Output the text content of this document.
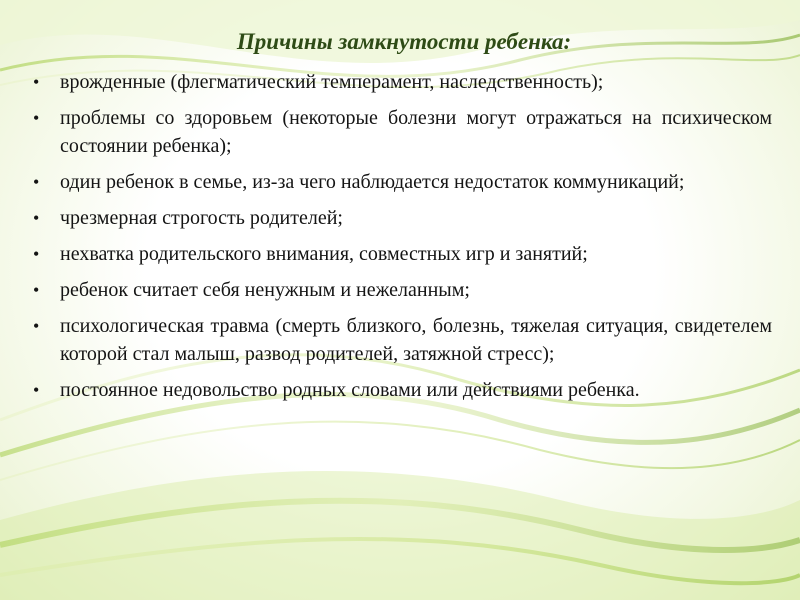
Причины замкнутости ребенка:
• врожденные (флегматический темперамент, наследственность);
• проблемы со здоровьем (некоторые болезни могут отражаться на психическом состоянии ребенка);
• один ребенок в семье, из-за чего наблюдается недостаток коммуникаций;
• чрезмерная строгость родителей;
• нехватка родительского внимания, совместных игр и занятий;
• ребенок считает себя ненужным и нежеланным;
• психологическая травма (смерть близкого, болезнь, тяжелая ситуация, свидетелем которой стал малыш, развод родителей, затяжной стресс);
• постоянное недовольство родных словами или действиями ребенка.
